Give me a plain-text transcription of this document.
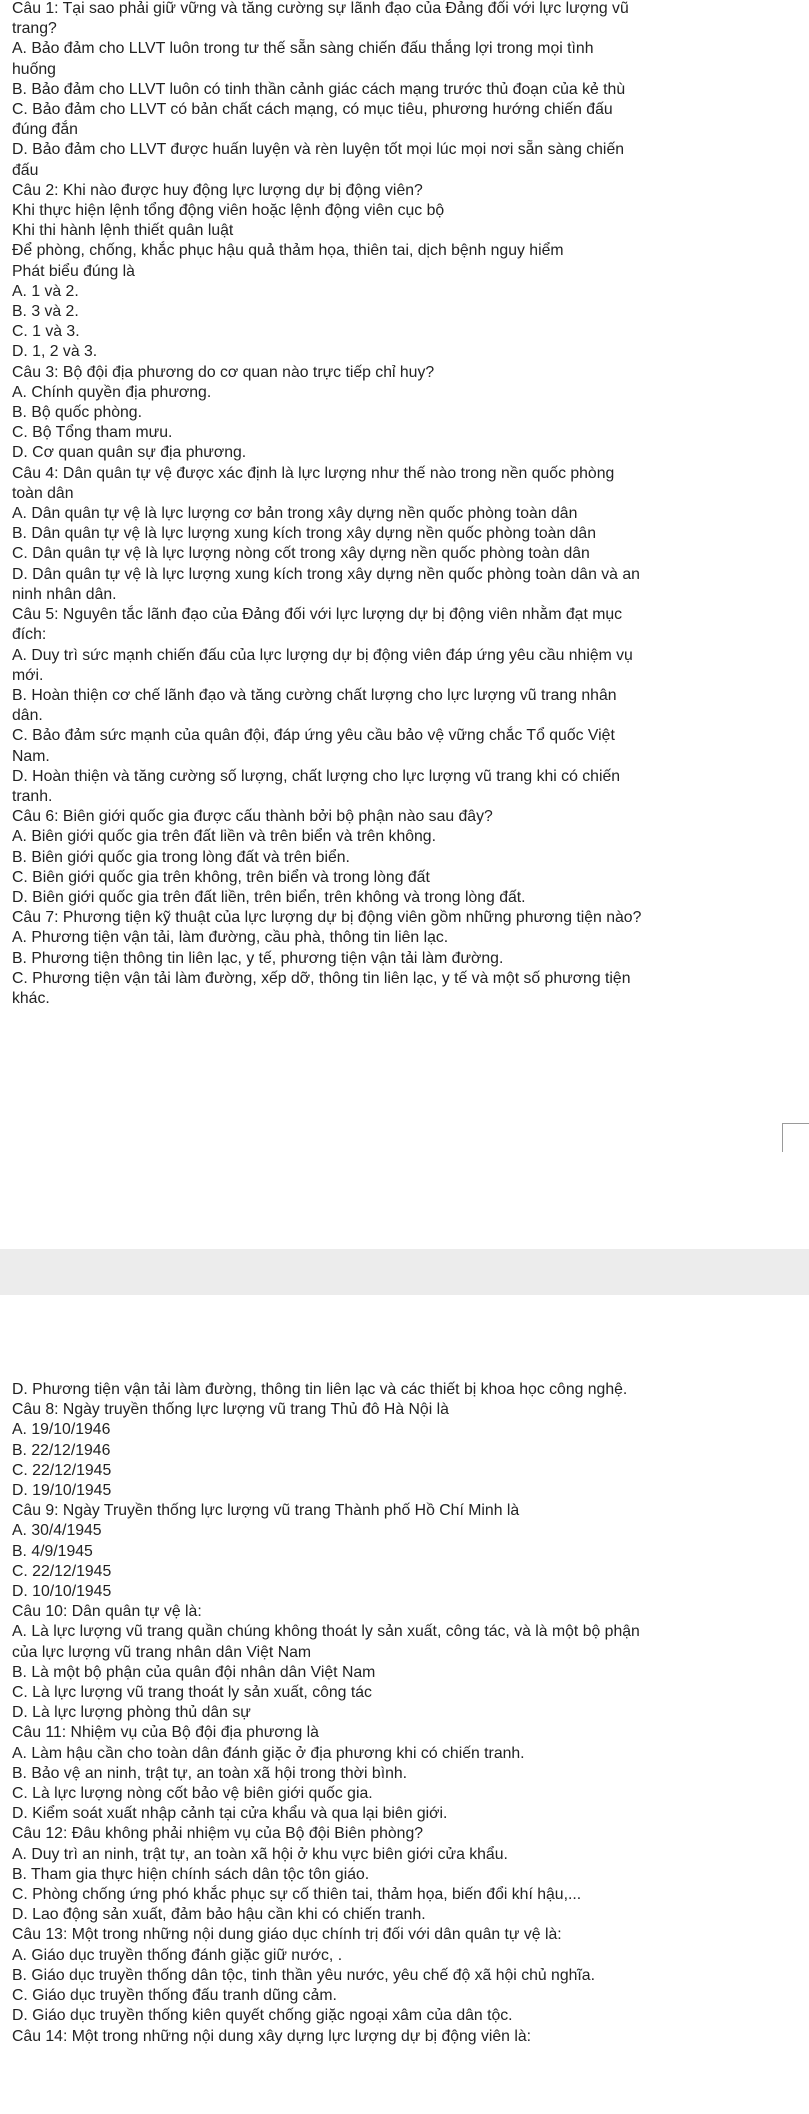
Câu 1: Tại sao phải giữ vững và tăng cường sự lãnh đạo của Đảng đối với lực lượng vũ
trang?
A. Bảo đảm cho LLVT luôn trong tư thế sẵn sàng chiến đấu thắng lợi trong mọi tình
huống
B. Bảo đảm cho LLVT luôn có tinh thần cảnh giác cách mạng trước thủ đoạn của kẻ thù
C. Bảo đảm cho LLVT có bản chất cách mạng, có mục tiêu, phương hướng chiến đấu
đúng đắn
D. Bảo đảm cho LLVT được huấn luyện và rèn luyện tốt mọi lúc mọi nơi sẵn sàng chiến
đấu
Câu 2: Khi nào được huy động lực lượng dự bị động viên?
Khi thực hiện lệnh tổng động viên hoặc lệnh động viên cục bộ
Khi thi hành lệnh thiết quân luật
Để phòng, chống, khắc phục hậu quả thảm họa, thiên tai, dịch bệnh nguy hiểm
Phát biểu đúng là
A. 1 và 2.
B. 3 và 2.
C. 1 và 3.
D. 1, 2 và 3.
Câu 3: Bộ đội địa phương do cơ quan nào trực tiếp chỉ huy?
A. Chính quyền địa phương.
B. Bộ quốc phòng.
C. Bộ Tổng tham mưu.
D. Cơ quan quân sự địa phương.
Câu 4: Dân quân tự vệ được xác định là lực lượng như thế nào trong nền quốc phòng
toàn dân
A. Dân quân tự vệ là lực lượng cơ bản trong xây dựng nền quốc phòng toàn dân
B. Dân quân tự vệ là lực lượng xung kích trong xây dựng nền quốc phòng toàn dân
C. Dân quân tự vệ là lực lượng nòng cốt trong xây dựng nền quốc phòng toàn dân
D. Dân quân tự vệ là lực lượng xung kích trong xây dựng nền quốc phòng toàn dân và an
ninh nhân dân.
Câu 5: Nguyên tắc lãnh đạo của Đảng đối với lực lượng dự bị động viên nhằm đạt mục
đích:
A. Duy trì sức mạnh chiến đấu của lực lượng dự bị động viên đáp ứng yêu cầu nhiệm vụ
mới.
B. Hoàn thiện cơ chế lãnh đạo và tăng cường chất lượng cho lực lượng vũ trang nhân
dân.
C. Bảo đảm sức mạnh của quân đội, đáp ứng yêu cầu bảo vệ vững chắc Tổ quốc Việt
Nam.
D. Hoàn thiện và tăng cường số lượng, chất lượng cho lực lượng vũ trang khi có chiến
tranh.
Câu 6: Biên giới quốc gia được cấu thành bởi bộ phận nào sau đây?
A. Biên giới quốc gia trên đất liền và trên biển và trên không.
B. Biên giới quốc gia trong lòng đất và trên biển.
C. Biên giới quốc gia trên không, trên biển và trong lòng đất
D. Biên giới quốc gia trên đất liền, trên biển, trên không và trong lòng đất.
Câu 7: Phương tiện kỹ thuật của lực lượng dự bị động viên gồm những phương tiện nào?
A. Phương tiện vận tải, làm đường, cầu phà, thông tin liên lạc.
B. Phương tiện thông tin liên lạc, y tế, phương tiện vận tải làm đường.
C. Phương tiện vận tải làm đường, xếp dỡ, thông tin liên lạc, y tế và một số phương tiện
khác.
D. Phương tiện vận tải làm đường, thông tin liên lạc và các thiết bị khoa học công nghệ.
Câu 8: Ngày truyền thống lực lượng vũ trang Thủ đô Hà Nội là
A. 19/10/1946
B. 22/12/1946
C. 22/12/1945
D. 19/10/1945
Câu 9: Ngày Truyền thống lực lượng vũ trang Thành phố Hồ Chí Minh là
A. 30/4/1945
B. 4/9/1945
C. 22/12/1945
D. 10/10/1945
Câu 10: Dân quân tự vệ là:
A. Là lực lượng vũ trang quần chúng không thoát ly sản xuất, công tác, và là một bộ phận
của lực lượng vũ trang nhân dân Việt Nam
B. Là một bộ phận của quân đội nhân dân Việt Nam
C. Là lực lượng vũ trang thoát ly sản xuất, công tác
D. Là lực lượng phòng thủ dân sự
Câu 11: Nhiệm vụ của Bộ đội địa phương là
A. Làm hậu cần cho toàn dân đánh giặc ở địa phương khi có chiến tranh.
B. Bảo vệ an ninh, trật tự, an toàn xã hội trong thời bình.
C. Là lực lượng nòng cốt bảo vệ biên giới quốc gia.
D. Kiểm soát xuất nhập cảnh tại cửa khẩu và qua lại biên giới.
Câu 12: Đâu không phải nhiệm vụ của Bộ đội Biên phòng?
A. Duy trì an ninh, trật tự, an toàn xã hội ở khu vực biên giới cửa khẩu.
B. Tham gia thực hiện chính sách dân tộc tôn giáo.
C. Phòng chống ứng phó khắc phục sự cố thiên tai, thảm họa, biến đổi khí hậu,...
D. Lao động sản xuất, đảm bảo hậu cần khi có chiến tranh.
Câu 13: Một trong những nội dung giáo dục chính trị đối với dân quân tự vệ là:
A. Giáo dục truyền thống đánh giặc giữ nước, .
B. Giáo dục truyền thống dân tộc, tinh thần yêu nước, yêu chế độ xã hội chủ nghĩa.
C. Giáo dục truyền thống đấu tranh dũng cảm.
D. Giáo dục truyền thống kiên quyết chống giặc ngoại xâm của dân tộc.
Câu 14: Một trong những nội dung xây dựng lực lượng dự bị động viên là:
